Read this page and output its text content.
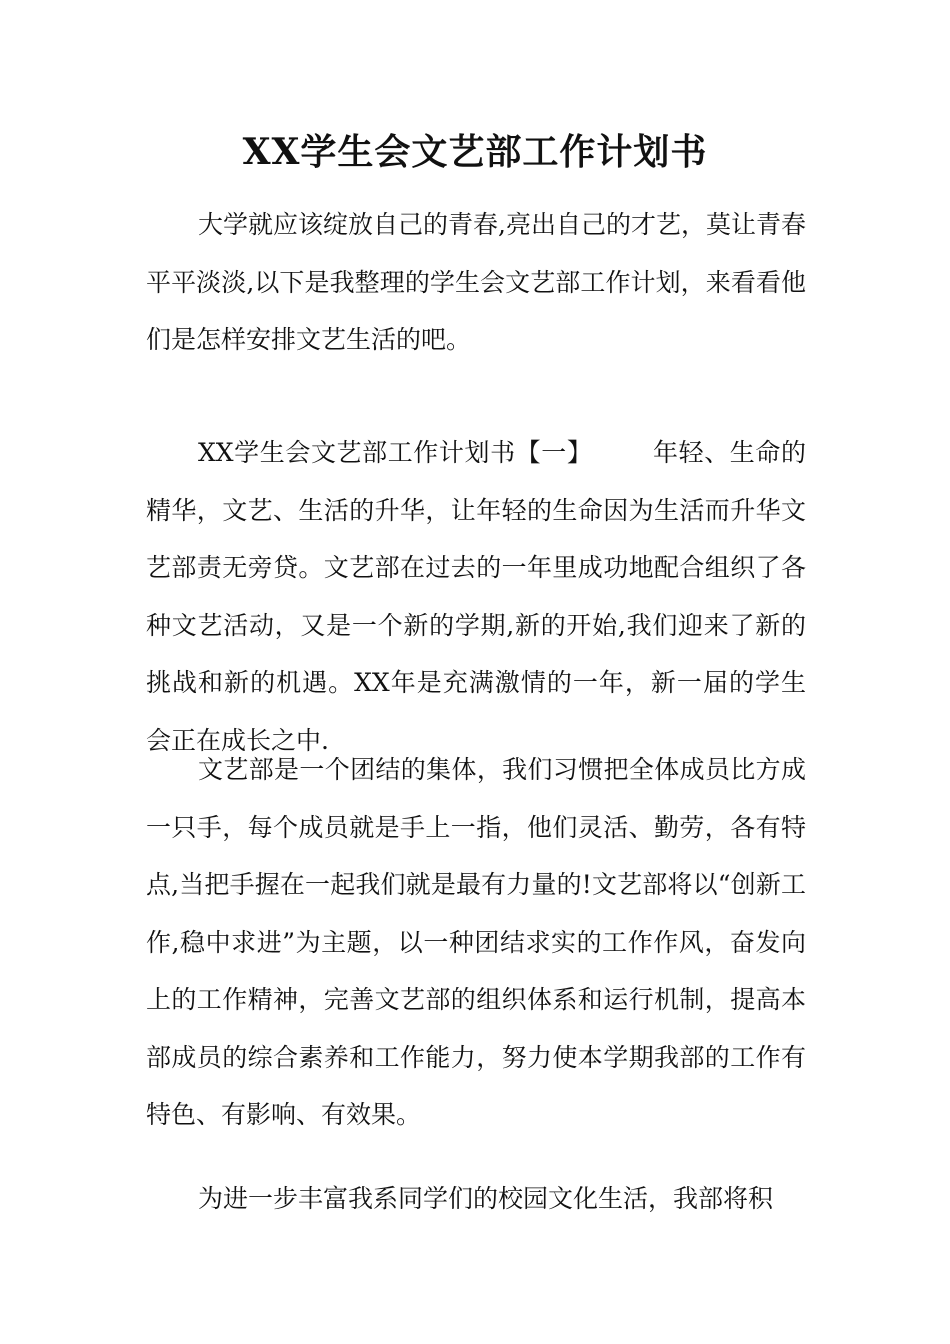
XX学生会文艺部工作计划书

大学就应该绽放自己的青春,亮出自己的才艺，莫让青春平平淡淡,以下是我整理的学生会文艺部工作计划，来看看他们是怎样安排文艺生活的吧。

XX学生会文艺部工作计划书【一】 年轻、生命的精华，文艺、生活的升华，让年轻的生命因为生活而升华文艺部责无旁贷。文艺部在过去的一年里成功地配合组织了各种文艺活动，又是一个新的学期,新的开始,我们迎来了新的挑战和新的机遇。XX年是充满激情的一年，新一届的学生会正在成长之中.

文艺部是一个团结的集体，我们习惯把全体成员比方成一只手，每个成员就是手上一指，他们灵活、勤劳，各有特点,当把手握在一起我们就是最有力量的!文艺部将以“创新工作,稳中求进”为主题，以一种团结求实的工作作风，奋发向上的工作精神，完善文艺部的组织体系和运行机制，提高本部成员的综合素养和工作能力，努力使本学期我部的工作有特色、有影响、有效果。

为进一步丰富我系同学们的校园文化生活，我部将积
